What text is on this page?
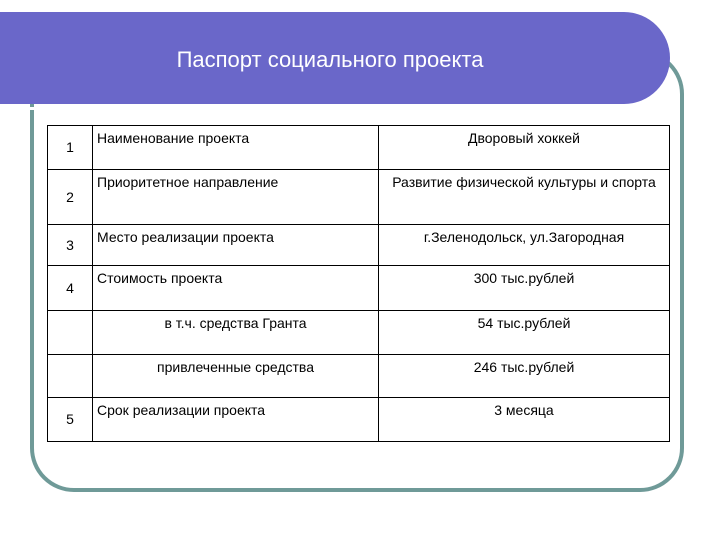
Паспорт социального проекта
1	Наименование проекта	Дворовый хоккей
2	Приоритетное направление	Развитие физической культуры и спорта
3	Место реализации проекта	г.Зеленодольск, ул.Загородная
4	Стоимость проекта	300 тыс.рублей
	в т.ч. средства Гранта	54 тыс.рублей
	привлеченные средства	246 тыс.рублей
5	Срок реализации проекта	3 месяца
